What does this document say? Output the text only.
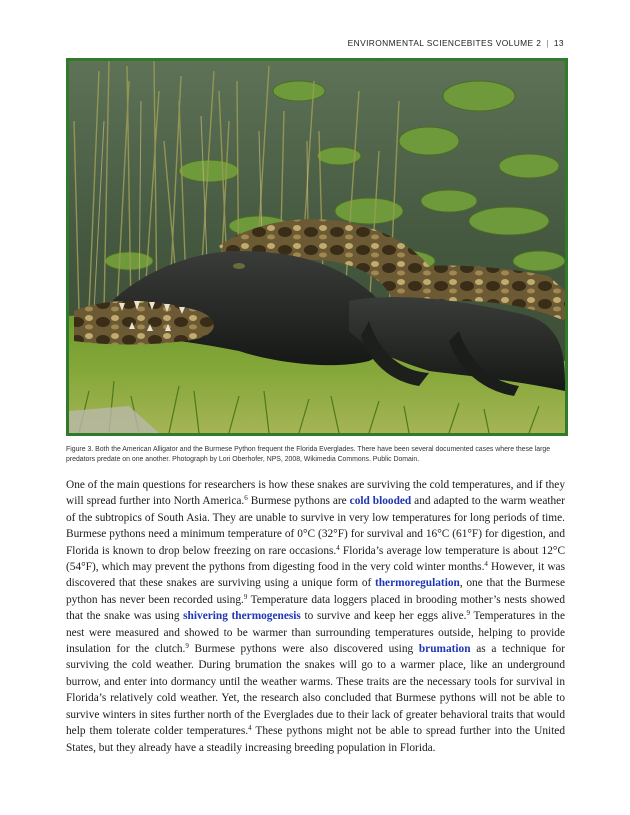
ENVIRONMENTAL SCIENCEBITES VOLUME 2 | 13
Figure 3. Both the American Alligator and the Burmese Python frequent the Florida Everglades. There have been several documented cases where these large predators predate on one another. Photograph by Lori Oberhofer, NPS, 2008, Wikimedia Commons. Public Domain.

One of the main questions for researchers is how these snakes are surviving the cold temperatures, and if they will spread further into North America.$^6$ Burmese pythons are cold blooded and adapted to the warm weather of the subtropics of South Asia. They are unable to survive in very low temperatures for long periods of time. Burmese pythons need a minimum temperature of 0°C (32°F) for survival and 16°C (61°F) for digestion, and Florida is known to drop below freezing on rare occasions.$^4$ Florida’s average low temperature is about 12°C (54°F), which may prevent the pythons from digesting food in the very cold winter months.$^4$ However, it was discovered that these snakes are surviving using a unique form of thermoregulation, one that the Burmese python has never been recorded using.$^9$ Temperature data loggers placed in brooding mother’s nests showed that the snake was using shivering thermogenesis to survive and keep her eggs alive.$^9$ Temperatures in the nest were measured and showed to be warmer than surrounding temperatures outside, helping to provide insulation for the clutch.$^9$ Burmese pythons were also discovered using brumation as a technique for surviving the cold weather. During brumation the snakes will go to a warmer place, like an underground burrow, and enter into dormancy until the weather warms. These traits are the necessary tools for survival in Florida’s relatively cold weather. Yet, the research also concluded that Burmese pythons will not be able to survive winters in sites further north of the Everglades due to their lack of greater behavioral traits that would help them tolerate colder temperatures.$^4$ These pythons might not be able to spread further into the United States, but they already have a steadily increasing breeding population in Florida.
